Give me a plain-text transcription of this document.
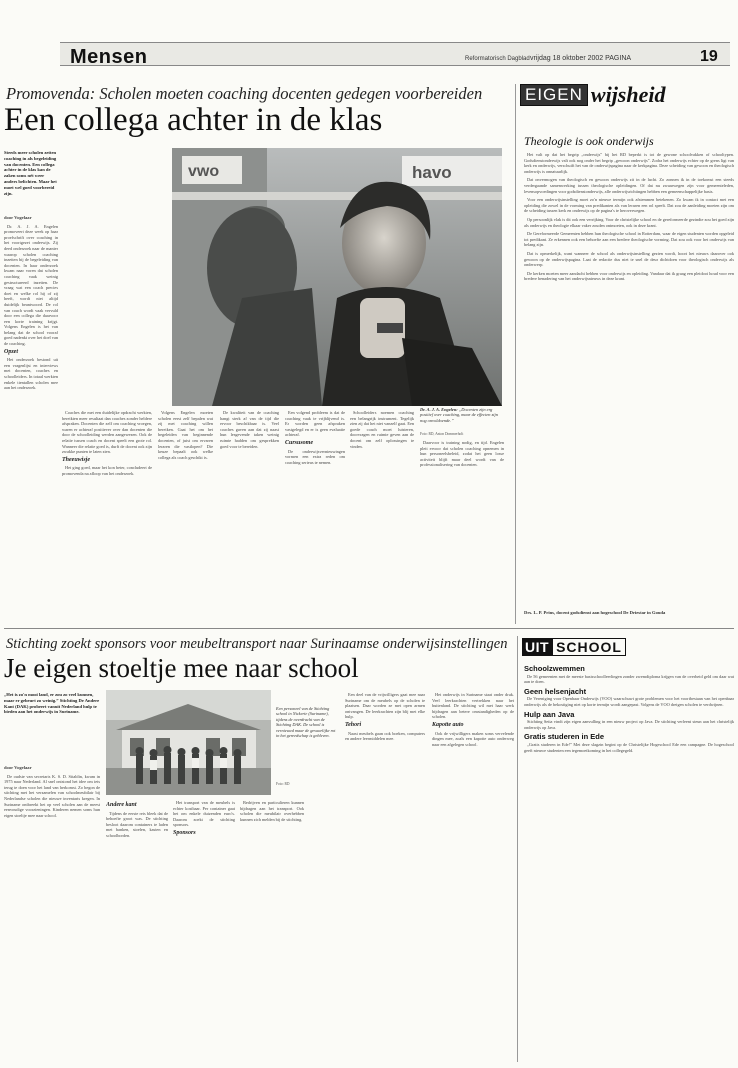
Mensen	Reformatorisch Dagblad vrijdag 18 oktober 2002 PAGINA	19
Promovenda: Scholen moeten coaching docenten gedegen voorbereiden
Een collega achter in de klas
Steeds meer scholen zetten coaching in als begeleiding van docenten. Een collega achter in de klas kan de zaken soms nét weer anders belichten. Maar het moet wel goed voorbereid zijn.
door Vogelaar

Dr. A. J. A. Engelen promoveert deze week op haar proefschrift over coaching in het voortgezet onderwijs. Zij deed onderzoek naar de manier waarop scholen coaching inzetten bij de begeleiding van docenten. In haar onderzoek kwam naar voren dat scholen coaching vaak weinig gestructureerd inzetten. De vraag wat een coach precies doet en welke rol hij of zij heeft, wordt niet altijd duidelijk beantwoord. De rol van coach wordt vaak vervuld door een collega die daarvoor een korte training krijgt. Volgens Engelen is het van belang dat de school vooraf goed nadenkt over het doel van de coaching.

Opzet

Het onderzoek bestond uit een vragenlijst en interviews met docenten, coaches en schoolleiders. In totaal werkten enkele tientallen scholen mee aan het onderzoek.

vwo	havo
Dr. A. J. A. Engelen: „Docenten zijn erg positief over coaching, maar de effecten zijn nog onvoldoende.”
Foto: RD, Anton Dommerholt

Coaches die met een duidelijke opdracht werkten, bereikten meer resultaat dan coaches zonder heldere afspraken. Docenten die zelf om coaching vroegen, waren er achteraf positiever over dan docenten die door de schoolleiding werden aangewezen. Ook de relatie tussen coach en docent speelt een grote rol. Wanneer die relatie goed is, durft de docent ook zijn zwakke punten te laten zien.

Theeuwisje

Het ging goed, maar het kon beter, concludeert de promovenda na afloop van het onderzoek.

Volgens Engelen moeten scholen eerst zelf bepalen wat zij met coaching willen bereiken. Gaat het om het begeleiden van beginnende docenten, of juist om ervaren leraren die vastlopen? Die keuze bepaalt ook welke collega als coach geschikt is.

De kwaliteit van de coaching hangt sterk af van de tijd die ervoor beschikbaar is. Veel coaches gaven aan dat zij naast hun lesgevende taken weinig ruimte hadden om gesprekken goed voor te bereiden.

Een volgend probleem is dat de coaching vaak te vrijblijvend is. Er worden geen afspraken vastgelegd en er is geen evaluatie achteraf.

Cursusome

De onderwijsvernieuwingen vormen een extra reden om coaching serieus te nemen.

Schoolleiders noemen coaching een belangrijk instrument. Tegelijk zien zij dat het niet vanzelf gaat. Een goede coach moet luisteren, doorvragen en ruimte geven aan de docent om zelf oplossingen te vinden.

Daarvoor is training nodig, en tijd. Engelen pleit ervoor dat scholen coaching opnemen in hun personeelsbeleid, zodat het geen losse activiteit blijft maar deel wordt van de professionalisering van docenten.

EIGEN wijsheid
Theologie is ook onderwijs

Het valt op dat het begrip „onderwijs” bij het RD beperkt is tot de gewone schoolvakken of schooltypen. Godsdienstonderwijs valt ook nog onder het begrip „gewoon onderwijs”. Zodra het onderwijs echter op de grens ligt van kerk en onderwijs, verschuift het van de onderwijspagina naar de kerkpagina. Deze scheiding van gewoon en theologisch onderwijs is onnatuurlijk.

Dat onvermogen van theologisch en gewoon onderwijs zit in de lucht. Zo zonnen ik in de toekomst een steeds verdergaande samenwerking tussen theologische opleidingen. Of dat nu zwaarwegen zijn voor gemeenteleden, levensopvoedingen voor godsdienstonderwijs, alle onderwijsrichtingen hebben een gemeenschappelijke basis.

Voor een onderwijsinstelling moet zo'n nieuwe termijn ook afstemmen betekenen. Zo kwam ik in contact met een opleiding die zowel in de vorming van predikanten als van leraren een rol speelt. Dat zou de aanleiding moeten zijn om de scheiding tussen kerk en onderwijs op de pagina's te heroverwegen.

Op persoonlijk vlak is dit ook een verrijking. Voor de christelijke school en de gereformeerde gezindte zou het goed zijn als onderwijs en theologie elkaar vaker zouden ontmoeten, ook in deze krant.

De Gereformeerde Gemeenten hebben hun theologische school in Rotterdam, waar de eigen studenten worden opgeleid tot predikant. Ze erkennen ook een behoefte aan een bredere theologische vorming. Dat zou ook voor het onderwijs van belang zijn.

Dat is opmerkelijk, want wanneer de school als onderwijsinstelling gezien wordt, hoort het nieuws daarover ook gewoon op de onderwijspagina. Laat de redactie dus niet te snel de deur dichtdoen voor theologisch onderwijs als onderwerp.

De kerken moeten meer aandacht hebben voor onderwijs en opleiding. Vandaar dat ik graag een pleidooi houd voor een bredere benadering van het onderwijsnieuws in deze krant.

Drs. L. P. Prins, docent godsdienst aan hogeschool De Driestar in Gouda
Stichting zoekt sponsors voor meubeltransport naar Surinaamse onderwijsinstellingen
Je eigen stoeltje mee naar school
„Het is zo'n mooi land, er zou zo veel kunnen, maar er gebeurt zo weinig.” Stichting De Andere Kant (DAK) probeert vanuit Nederland hulp te bieden aan het onderwijs in Suriname.
door Vogelaar

De oudste van secretaris K. S. D. Sitaldin, kwam in 1975 naar Nederland. Al snel ontstond het idee om iets terug te doen voor het land van herkomst. Zo begon de stichting met het verzamelen van schoolmeubilair bij Nederlandse scholen die nieuwe inventaris kregen. In Suriname ontbreekt het op veel scholen aan de meest eenvoudige voorzieningen. Kinderen nemen soms hun eigen stoeltje mee naar school.

Een personeel van de Stichting school in Nickerie (Suriname), tijdens de overdracht van de Stichting DAK. De school is vernieuwd maar de gevaarlijke rot in het gereedschap is gebleven.
Foto: RD
Andere kant

Tijdens de eerste reis bleek dat de behoefte groot was. De stichting besloot daarom containers te laden met banken, stoelen, kasten en schoolborden.

Het transport van de meubels is echter kostbaar. Per container gaat het om enkele duizenden euro's. Daarom zoekt de stichting sponsors.

Sponsors

Bedrijven en particulieren kunnen bijdragen aan het transport. Ook scholen die meubilair overhebben kunnen zich melden bij de stichting.

Een deel van de vrijwilligers gaat mee naar Suriname om de meubels op de scholen te plaatsen. Daar worden ze met open armen ontvangen. De leerkrachten zijn blij met elke hulp.

Tehori

Naast meubels gaan ook boeken, computers en andere leermiddelen mee.

Het onderwijs in Suriname staat onder druk. Veel leerkrachten vertrekken naar het buitenland. De stichting wil met haar werk bijdragen aan betere omstandigheden op de scholen.

Kapotte auto

Ook de vrijwilligers maken soms vervelende dingen mee, zoals een kapotte auto onderweg naar een afgelegen school.

UIT SCHOOL
Schoolzwemmen

De 56 gemeenten met de meeste basisschoolleerlingen zonder zwemdiploma krijgen van de overheid geld om daar wat aan te doen.

Geen helsenjacht

De Vereniging voor Openbaar Onderwijs (VOO) waarschuwt grote problemen voor het voortbestaan van het openbaar onderwijs als de bekostiging niet op korte termijn wordt aangepast. Volgens de VOO dreigen scholen te verdwijnen.

Hulp aan Java

Stichting Setia vindt zijn eigen aanvulling in een nieuw project op Java. De stichting verleent steun aan het christelijk onderwijs op Java.

Gratis studeren in Ede

„Gratis studeren in Ede!” Met deze slagzin begint op de Christelijke Hogeschool Ede een campagne. De hogeschool geeft nieuwe studenten een tegemoetkoming in het collegegeld.
